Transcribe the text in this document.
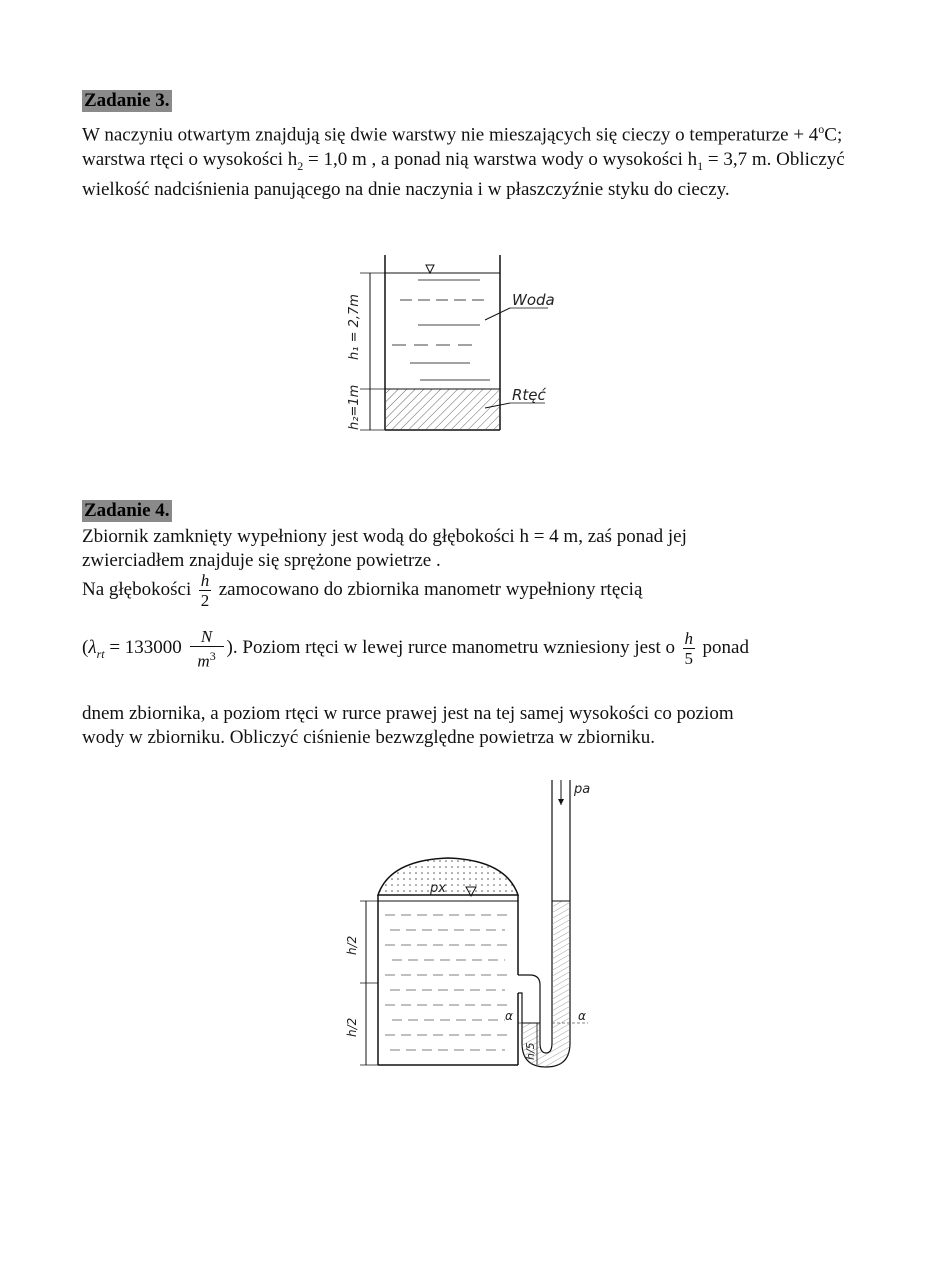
Zadanie 3.

W naczyniu otwartym znajdują się dwie warstwy nie mieszających się cieczy o temperaturze + $4^oC$; warstwa rtęci o wysokości $h_2 = 1,0$ m , a ponad nią warstwa wody o wysokości $h_1 = 3,7$ m. Obliczyć wielkość nadciśnienia panującego na dnie naczynia i w płaszczyźnie styku do cieczy.

h₁ = 2,7m
h₂=1m
Woda
Rtęć
Zadanie 4.
Zbiornik zamknięty wypełniony jest wodą do głębokości h = 4 m, zaś ponad jej
zwierciadłem znajduje się sprężone powietrze .
Na głębokości $\frac{h}{2}$ zamocowano do zbiornika manometr wypełniony rtęcią
($\lambda_{rt} = 133000 \frac{N}{m^3}$ ). Poziom rtęci w lewej rurce manometru wzniesiony jest o $\frac{h}{5}$ ponad
dnem zbiornika, a poziom rtęci w rurce prawej jest na tej samej wysokości co poziom
wody w zbiorniku. Obliczyć ciśnienie bezwzględne powietrza w zbiorniku.
px
h/2
h/2
pa
h/5
α	α
